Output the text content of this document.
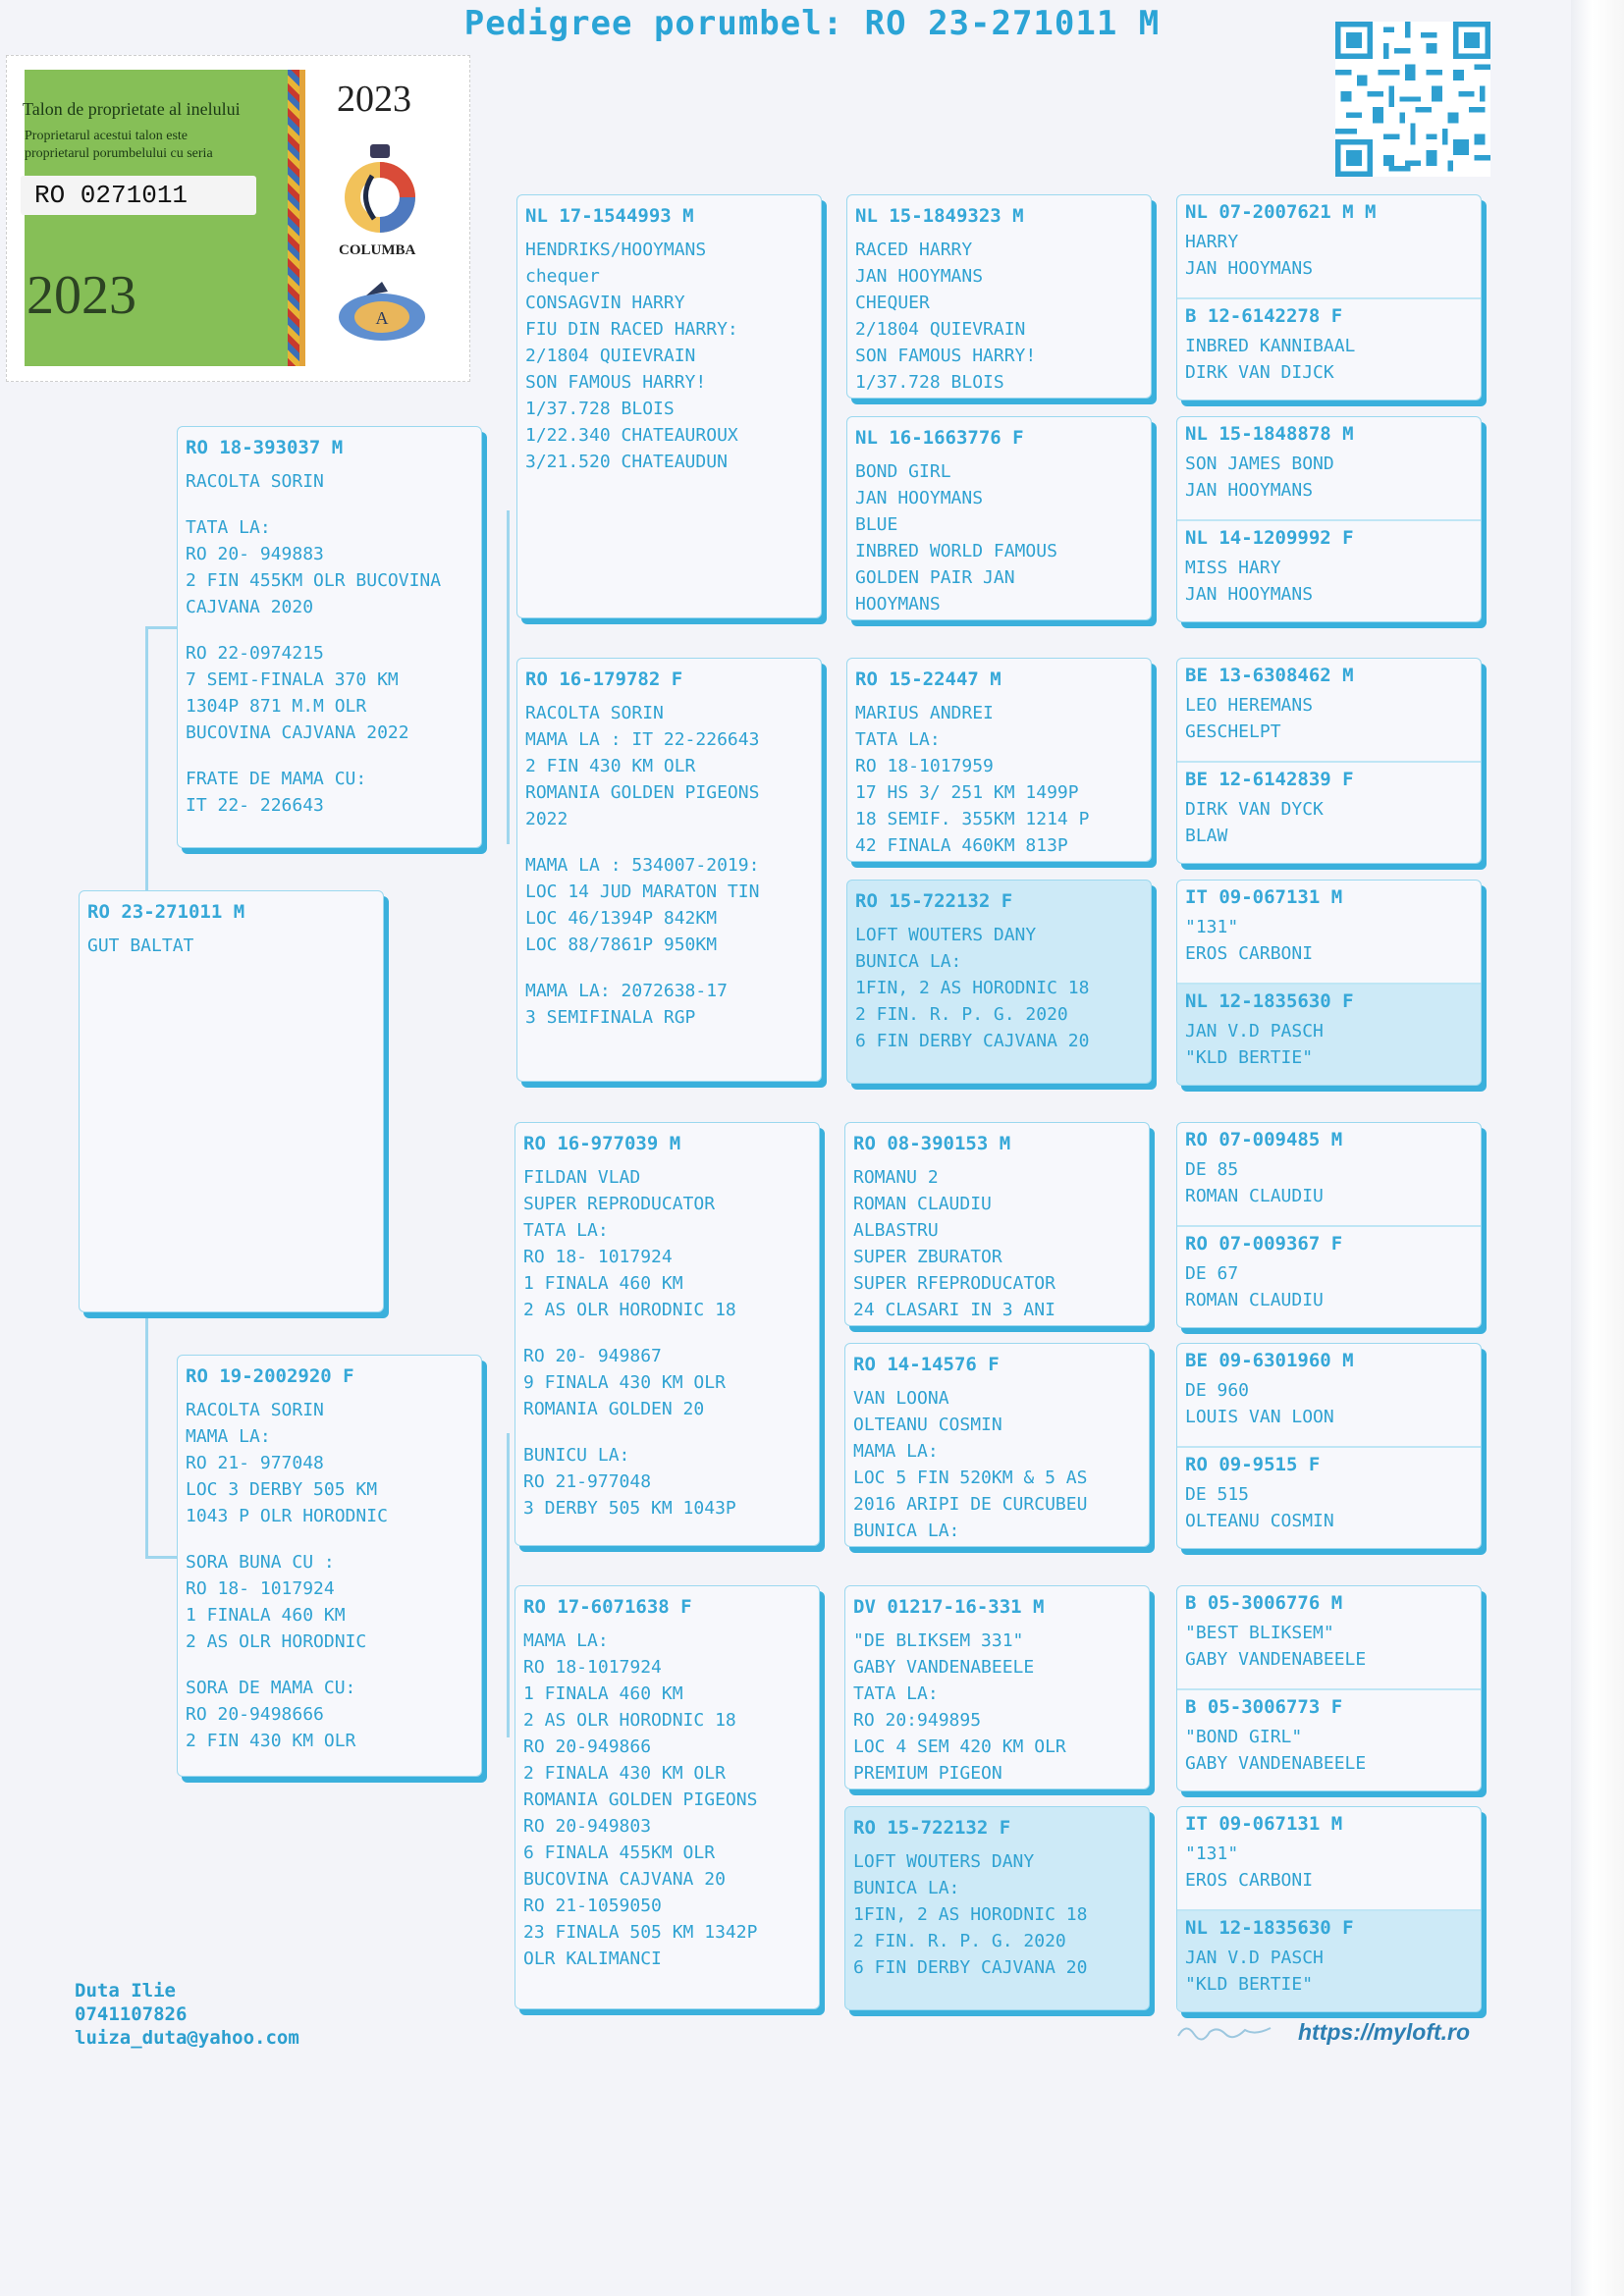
Pedigree porumbel: RO 23-271011 M
Talon de proprietate al inelului
Proprietarul acestui talon este
proprietarul porumbelului cu seria
RO 0271011
2023
2023
COLUMBA
A
RO 23-271011 M
GUT BALTAT
RO 18-393037 M
RACOLTA SORIN
TATA LA:
RO 20- 949883
2 FIN 455KM OLR BUCOVINA
CAJVANA 2020
RO 22-0974215
7 SEMI-FINALA 370 KM
1304P 871 M.M OLR
BUCOVINA CAJVANA 2022
FRATE DE MAMA CU:
IT 22- 226643
RO 19-2002920 F
RACOLTA SORIN
MAMA LA:
RO 21- 977048
LOC 3 DERBY 505 KM
1043 P OLR HORODNIC
SORA BUNA CU :
RO 18- 1017924
1 FINALA 460 KM
2 AS OLR HORODNIC
SORA DE MAMA CU:
RO 20-9498666
2 FIN 430 KM OLR
NL 17-1544993 M
HENDRIKS/HOOYMANS
chequer
CONSAGVIN HARRY
FIU DIN RACED HARRY:
2/1804 QUIEVRAIN
SON FAMOUS HARRY!
1/37.728 BLOIS
1/22.340 CHATEAUROUX
3/21.520 CHATEAUDUN
RO 16-179782 F
RACOLTA SORIN
MAMA LA : IT 22-226643
2 FIN 430 KM OLR
ROMANIA GOLDEN PIGEONS
2022
MAMA LA : 534007-2019:
LOC 14 JUD MARATON TIN
LOC 46/1394P 842KM
LOC 88/7861P 950KM
MAMA LA: 2072638-17
3 SEMIFINALA RGP
RO 16-977039 M
FILDAN VLAD
SUPER REPRODUCATOR
TATA LA:
RO 18- 1017924
1 FINALA 460 KM
2 AS OLR HORODNIC 18
RO 20- 949867
9 FINALA 430 KM OLR
ROMANIA GOLDEN 20
BUNICU LA:
RO 21-977048
3 DERBY 505 KM 1043P
RO 17-6071638 F
MAMA LA:
RO 18-1017924
1 FINALA 460 KM
2 AS OLR HORODNIC 18
RO 20-949866
2 FINALA 430 KM OLR
ROMANIA GOLDEN PIGEONS
RO 20-949803
6 FINALA 455KM OLR
BUCOVINA CAJVANA 20
RO 21-1059050
23 FINALA 505 KM 1342P
OLR KALIMANCI
NL 15-1849323 M
RACED HARRY
JAN HOOYMANS
CHEQUER
2/1804 QUIEVRAIN
SON FAMOUS HARRY!
1/37.728 BLOIS
NL 16-1663776 F
BOND GIRL
JAN HOOYMANS
BLUE
INBRED WORLD FAMOUS
GOLDEN PAIR JAN
HOOYMANS
RO 15-22447 M
MARIUS ANDREI
TATA LA:
RO 18-1017959
17 HS 3/ 251 KM 1499P
18 SEMIF. 355KM 1214 P
42 FINALA 460KM 813P
RO 15-722132 F
LOFT WOUTERS DANY
BUNICA LA:
1FIN, 2 AS HORODNIC 18
2 FIN. R. P. G. 2020
6 FIN DERBY CAJVANA 20
RO 08-390153 M
ROMANU 2
ROMAN CLAUDIU
ALBASTRU
SUPER ZBURATOR
SUPER RFEPRODUCATOR
24 CLASARI IN 3 ANI
RO 14-14576 F
VAN LOONA
OLTEANU COSMIN
MAMA LA:
LOC 5 FIN 520KM & 5 AS
2016 ARIPI DE CURCUBEU
BUNICA LA:
DV 01217-16-331 M
"DE BLIKSEM 331"
GABY VANDENABEELE
TATA LA:
RO 20:949895
LOC 4 SEM 420 KM OLR
PREMIUM PIGEON
RO 15-722132 F
LOFT WOUTERS DANY
BUNICA LA:
1FIN, 2 AS HORODNIC 18
2 FIN. R. P. G. 2020
6 FIN DERBY CAJVANA 20
NL 07-2007621 M M
HARRY
JAN HOOYMANS
B 12-6142278 F
INBRED KANNIBAAL
DIRK VAN DIJCK
NL 15-1848878 M
SON JAMES BOND
JAN HOOYMANS
NL 14-1209992 F
MISS HARY
JAN HOOYMANS
BE 13-6308462 M
LEO HEREMANS
GESCHELPT
BE 12-6142839 F
DIRK VAN DYCK
BLAW
IT 09-067131 M
"131"
EROS CARBONI
NL 12-1835630 F
JAN V.D PASCH
"KLD BERTIE"
RO 07-009485 M
DE 85
ROMAN CLAUDIU
RO 07-009367 F
DE 67
ROMAN CLAUDIU
BE 09-6301960 M
DE 960
LOUIS VAN LOON
RO 09-9515 F
DE 515
OLTEANU COSMIN
B 05-3006776 M
"BEST BLIKSEM"
GABY VANDENABEELE
B 05-3006773 F
"BOND GIRL"
GABY VANDENABEELE
IT 09-067131 M
"131"
EROS CARBONI
NL 12-1835630 F
JAN V.D PASCH
"KLD BERTIE"
Duta Ilie
0741107826
luiza_duta@yahoo.com	https://myloft.ro
